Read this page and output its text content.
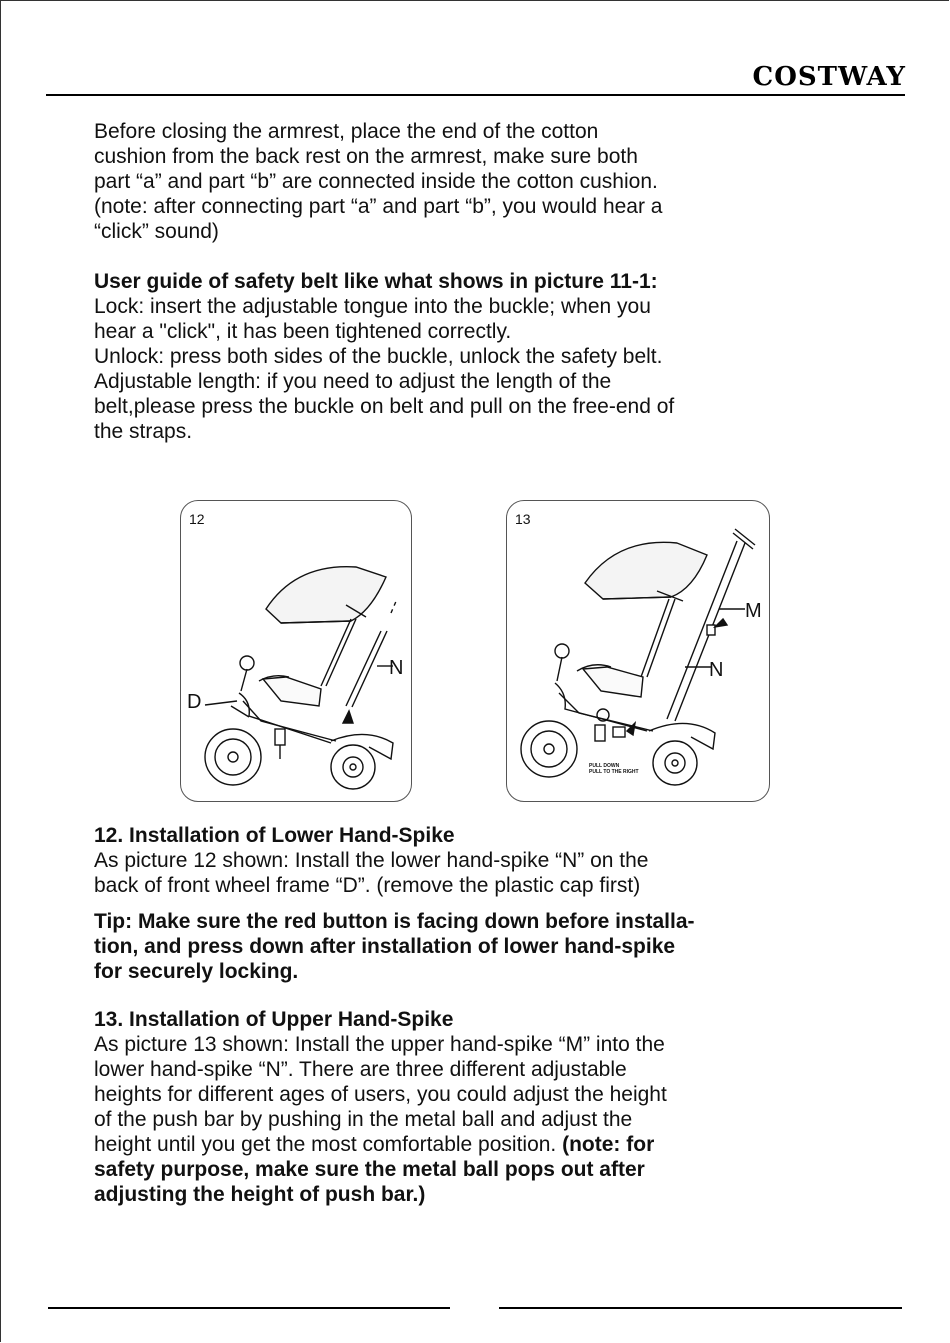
COSTWAY

Before closing the armrest, place the end of the cotton

cushion from the back rest on the armrest, make sure both

part “a” and part “b” are connected inside the cotton cushion.

(note: after connecting part “a” and part “b”, you would hear a

“click” sound)

User guide of safety belt like what shows in picture 11-1:

Lock: insert the adjustable tongue into the buckle; when you

hear a "click", it has been tightened correctly.

Unlock: press both sides of the buckle, unlock the safety belt.

Adjustable length: if you need to adjust the length of the

belt,please press the buckle on belt and pull on the free-end of

the straps.

12
N
D
13
M
N
PULL DOWN
PULL TO THE RIGHT

12. Installation of Lower Hand-Spike

As picture 12 shown: Install the lower hand-spike “N” on the

back of front wheel frame “D”. (remove the plastic cap first)

Tip: Make sure the red button is facing down before installa-

tion, and press down after installation of lower hand-spike

for securely locking.

13. Installation of Upper Hand-Spike

As picture 13 shown: Install the upper hand-spike “M” into the

lower hand-spike “N”. There are three different adjustable

heights for different ages of users, you could adjust the height

of the push bar by pushing in the metal ball and adjust the

height until you get the most comfortable position. (note: for

safety purpose, make sure the metal ball pops out after

adjusting the height of push bar.)
